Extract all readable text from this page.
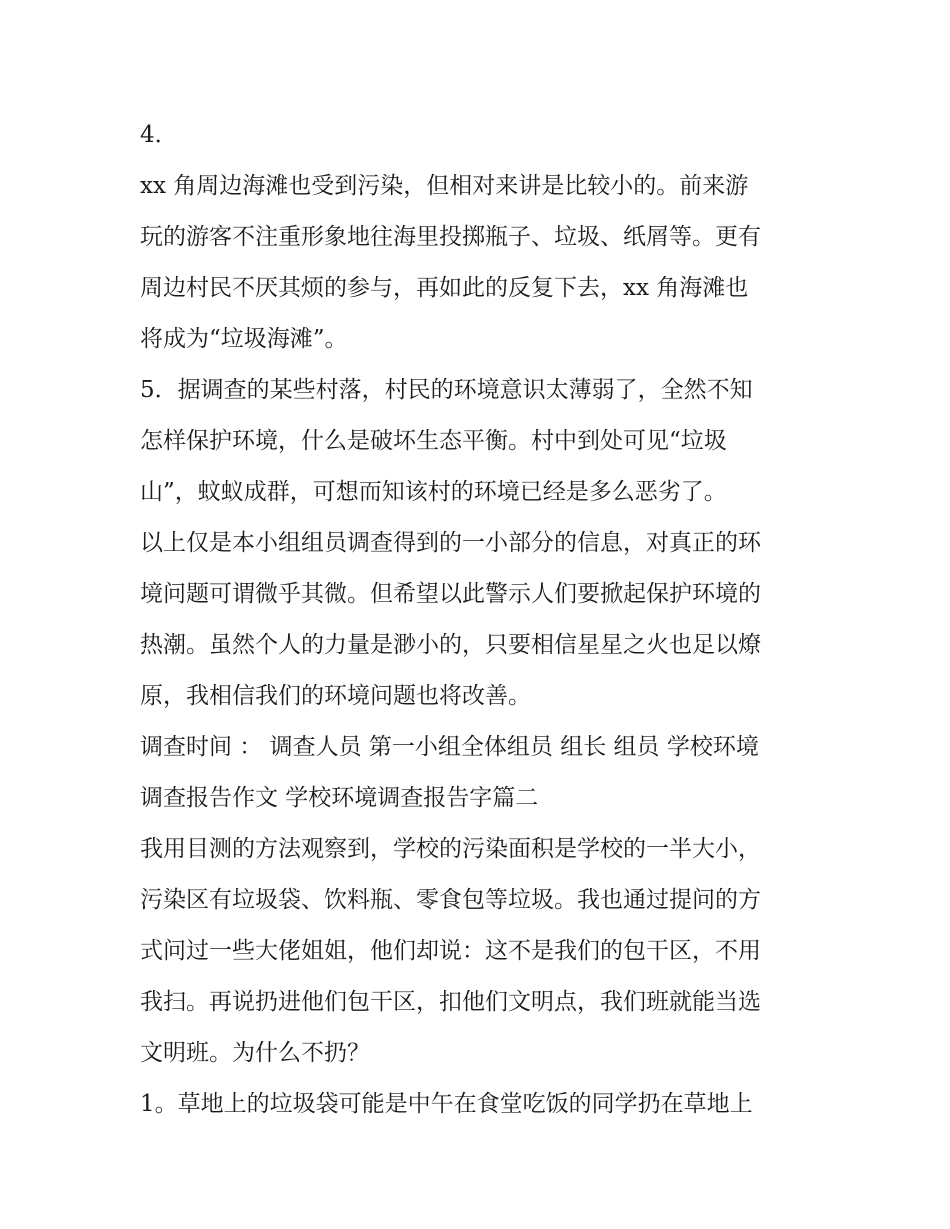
4．
xx 角周边海滩也受到污染，但相对来讲是比较小的。前来游
玩的游客不注重形象地往海里投掷瓶子、垃圾、纸屑等。更有
周边村民不厌其烦的参与，再如此的反复下去，xx 角海滩也
将成为“垃圾海滩”。
5．据调查的某些村落，村民的环境意识太薄弱了，全然不知
怎样保护环境，什么是破坏生态平衡。村中到处可见“垃圾
山”，蚊蚁成群，可想而知该村的环境已经是多么恶劣了。
以上仅是本小组组员调查得到的一小部分的信息，对真正的环
境问题可谓微乎其微。但希望以此警示人们要掀起保护环境的
热潮。虽然个人的力量是渺小的，只要相信星星之火也足以燎
原，我相信我们的环境问题也将改善。
调查时间 ： 调查人员 第一小组全体组员 组长 组员 学校环境
调查报告作文 学校环境调查报告字篇二
我用目测的方法观察到，学校的污染面积是学校的一半大小，
污染区有垃圾袋、饮料瓶、零食包等垃圾。我也通过提问的方
式问过一些大佬姐姐，他们却说：这不是我们的包干区，不用
我扫。再说扔进他们包干区，扣他们文明点，我们班就能当选
文明班。为什么不扔？
1。草地上的垃圾袋可能是中午在食堂吃饭的同学扔在草地上
